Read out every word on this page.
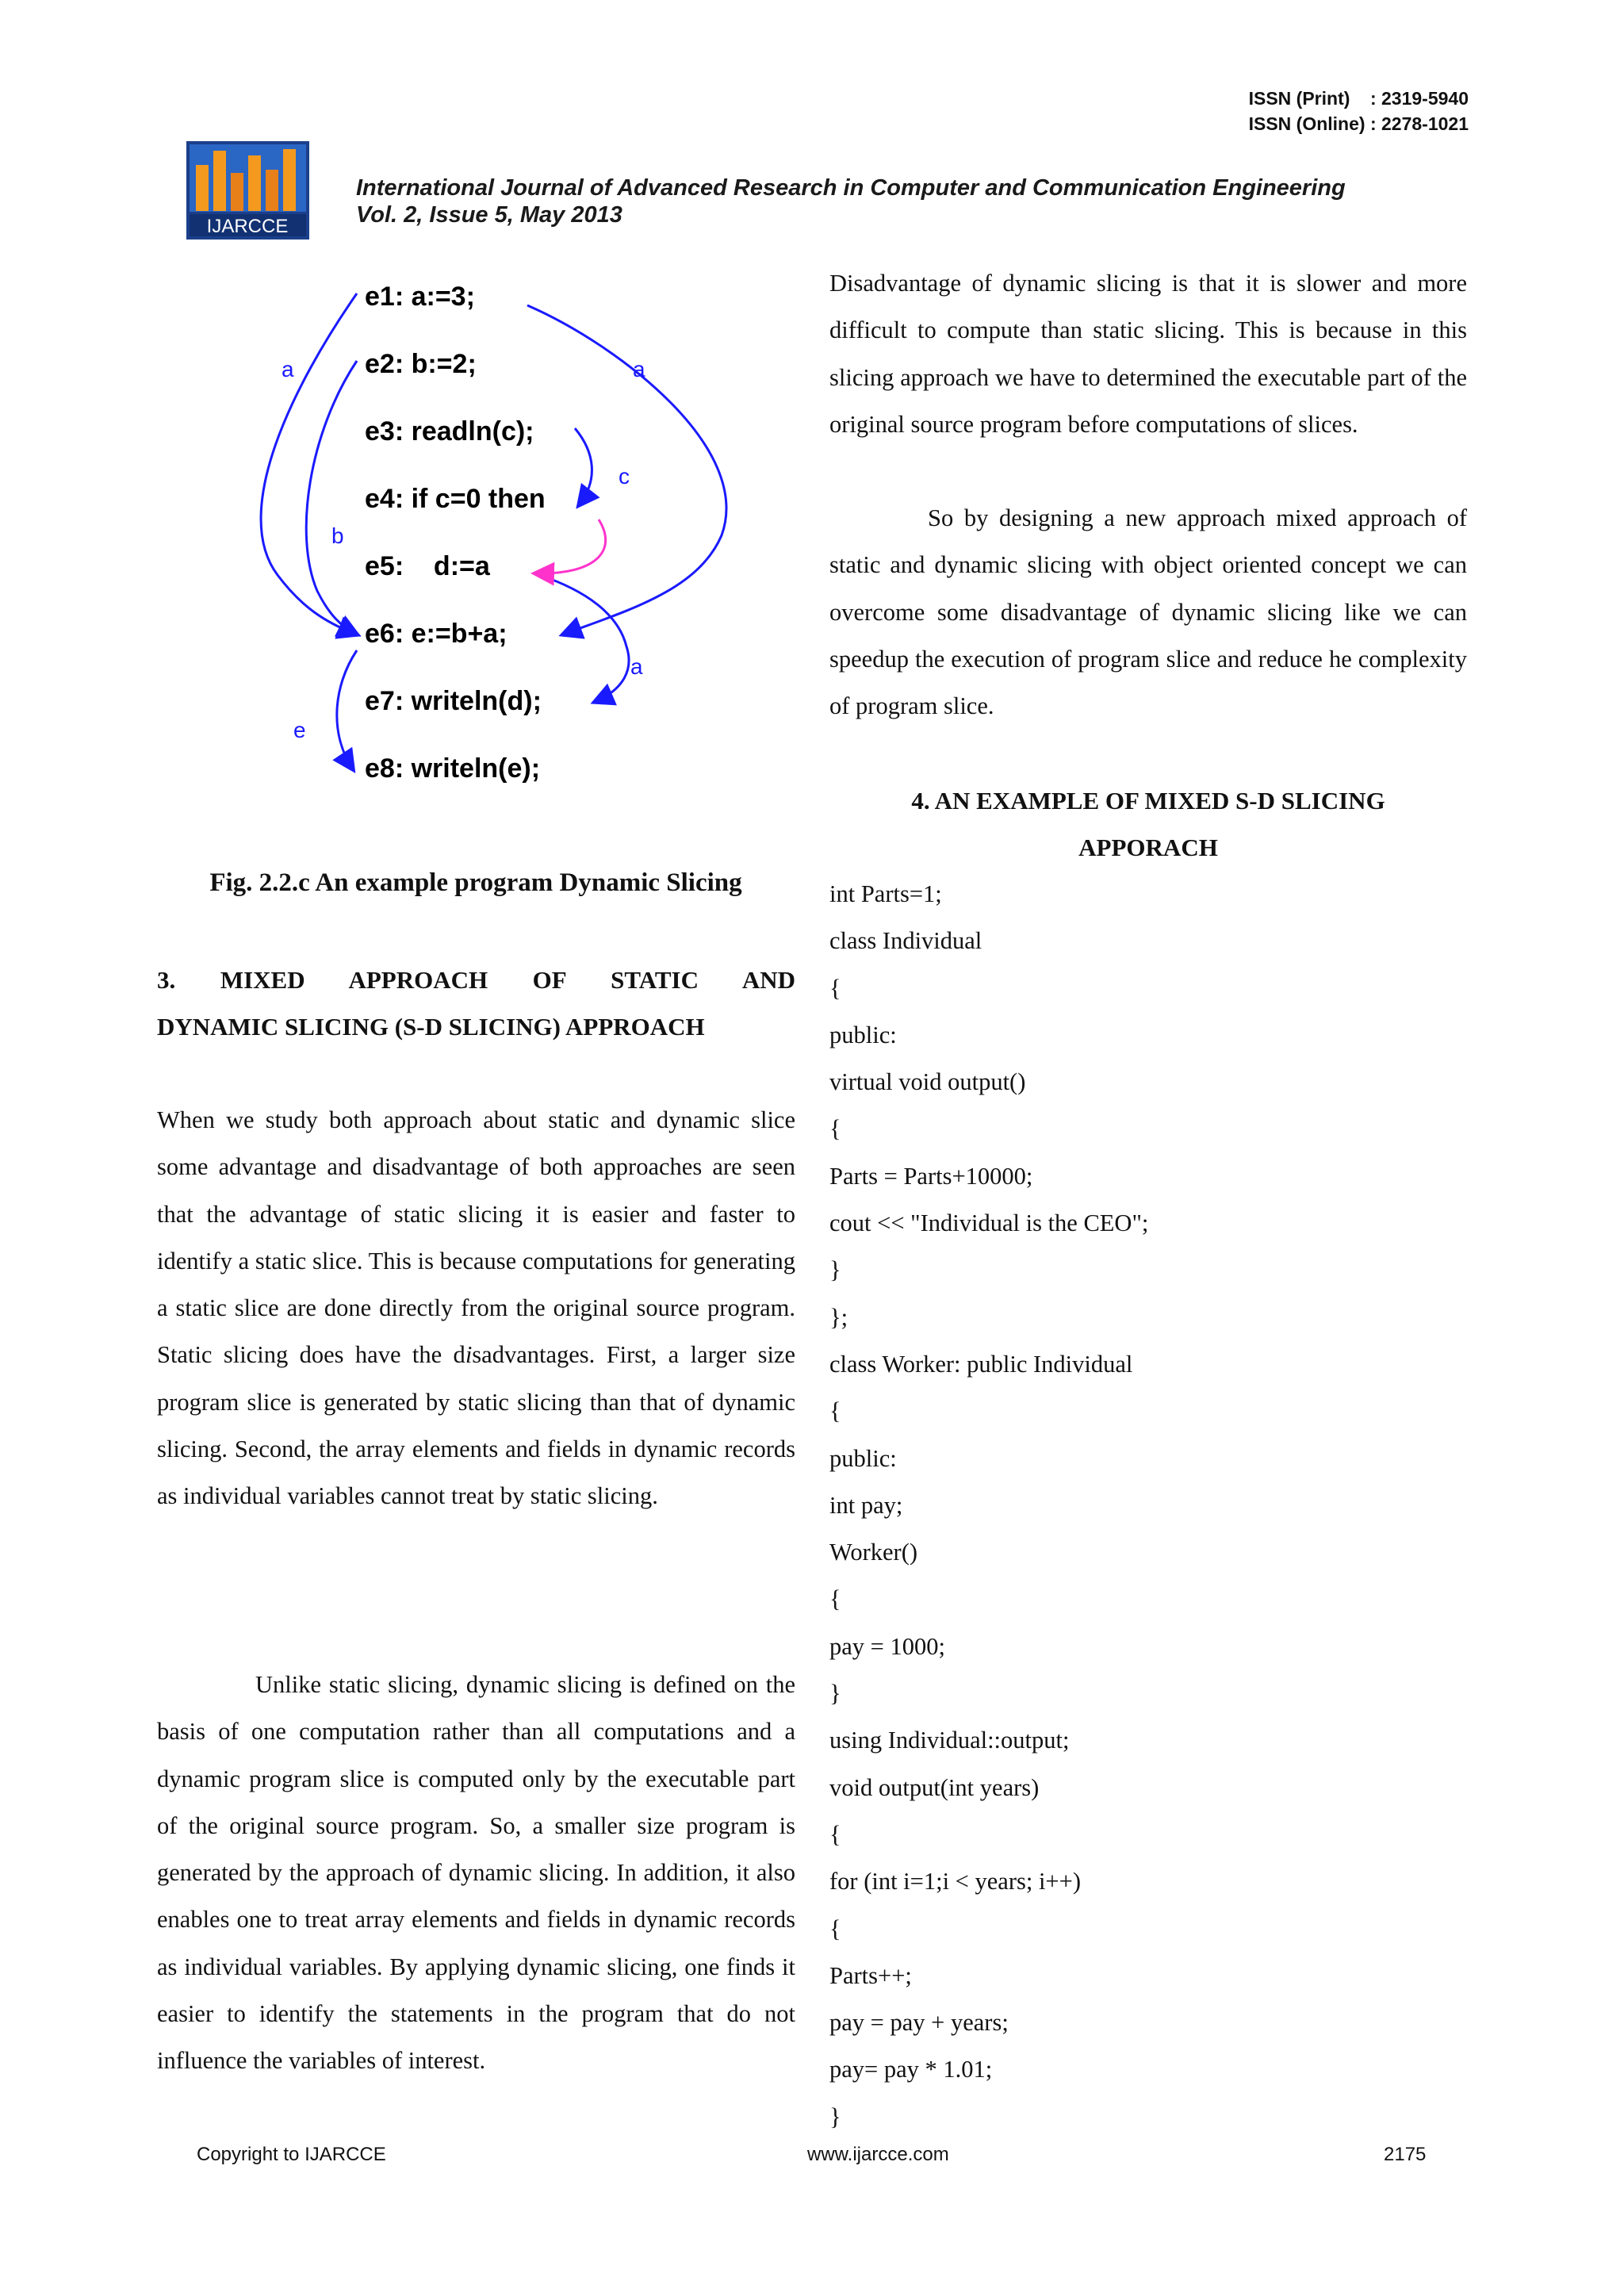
ISSN (Print)    : 2319-5940
ISSN (Online) : 2278-1021
IJARCCE
International Journal of Advanced Research in Computer and Communication Engineering
Vol. 2, Issue 5, May 2013
e1: a:=3;
e2: b:=2;
e3: readln(c);
e4: if c=0 then
e5:    d:=a
e6: e:=b+a;
e7: writeln(d);
e8: writeln(e);
a	a
c
b
a
e
Fig. 2.2.c An example program Dynamic Slicing
3.    MIXED    APPROACH    OF    STATIC    AND
DYNAMIC SLICING (S-D SLICING) APPROACH
When we study both approach about static and dynamic slice some advantage and disadvantage of both approaches are seen that the advantage of static slicing it is easier and faster to identify a static slice. This is because computations for generating a static slice are done directly from the original source program. Static slicing does have the disadvantages. First, a larger size program slice is generated by static slicing than that of dynamic slicing. Second, the array elements and fields in dynamic records as individual variables cannot treat by static slicing.
Unlike static slicing, dynamic slicing is defined on the basis of one computation rather than all computations and a dynamic program slice is computed only by the executable part of the original source program. So, a smaller size program is generated by the approach of dynamic slicing. In addition, it also enables one to treat array elements and fields in dynamic records as individual variables. By applying dynamic slicing, one finds it easier to identify the statements in the program that do not influence the variables of interest.
Disadvantage of dynamic slicing is that it is slower and more difficult to compute than static slicing. This is because in this slicing approach we have to determined the executable part of the original source program before computations of slices.
So by designing a new approach mixed approach of static and dynamic slicing with object oriented concept we can overcome some disadvantage of dynamic slicing like we can speedup the execution of program slice and reduce he complexity of program slice.
4. AN EXAMPLE OF MIXED S-D SLICING
APPORACH
int Parts=1;
class Individual
{
public:
virtual void output()
{
Parts = Parts+10000;
cout << "Individual is the CEO";
}
};
class Worker: public Individual
{
public:
int pay;
Worker()
{
pay = 1000;
}
using Individual::output;
void output(int years)
{
for (int i=1;i < years; i++)
{
Parts++;
pay = pay + years;
pay= pay * 1.01;
}
Copyright to IJARCCE	www.ijarcce.com	2175
